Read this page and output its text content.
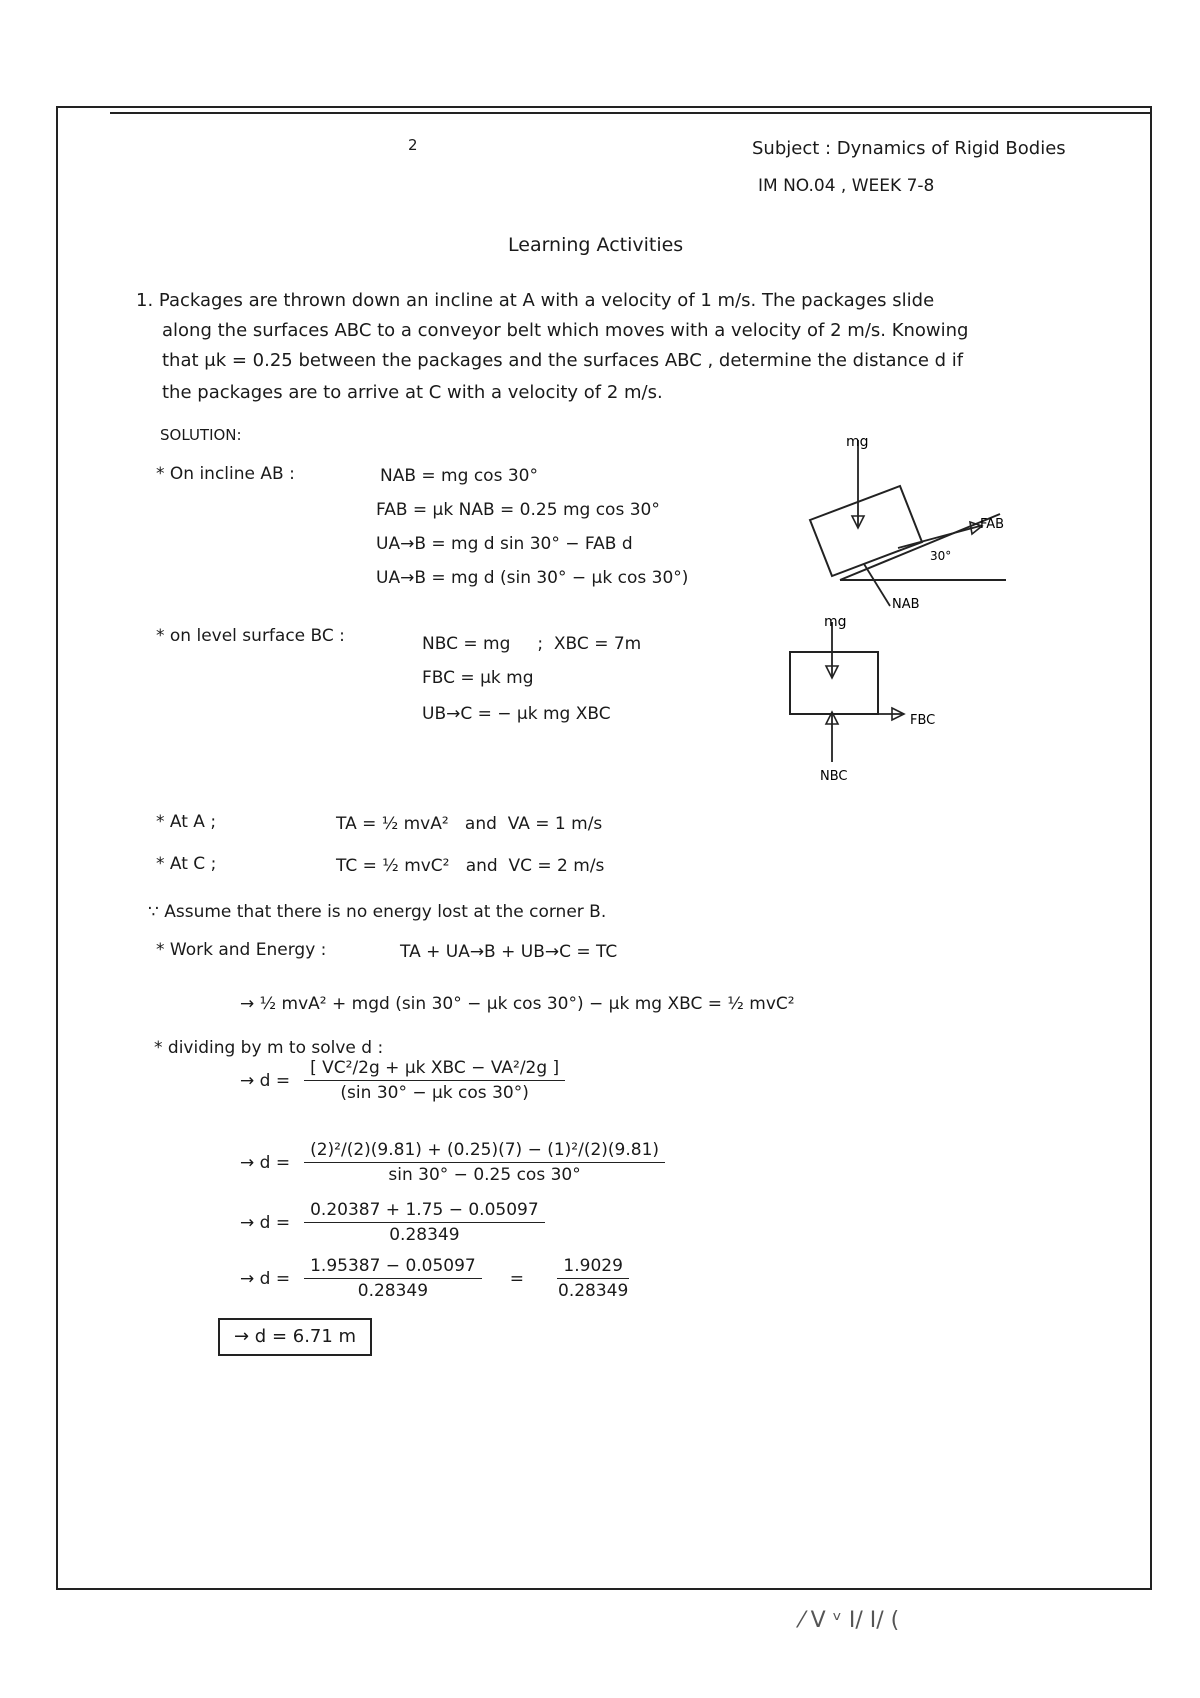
2	Subject : Dynamics of Rigid Bodies
IM NO.04 , WEEK 7-8
Learning Activities
1. Packages are thrown down an incline at A with a velocity of 1 m/s. The packages slide
along the surfaces ABC to a conveyor belt which moves with a velocity of 2 m/s. Knowing
that μk = 0.25 between the packages and the surfaces ABC , determine the distance d if
the packages are to arrive at C with a velocity of 2 m/s.
SOLUTION:
* On incline AB :	NAB = mg cos 30°
FAB = μk NAB = 0.25 mg cos 30°
UA→B = mg d sin 30° − FAB d
UA→B = mg d (sin 30° − μk cos 30°)
* on level surface BC :	NBC = mg     ;  XBC = 7m
FBC = μk mg
UB→C = − μk mg XBC
mg
FAB
NAB
30°
mg
FBC
NBC
* At A ;	TA = ½ mvA²   and  VA = 1 m/s
* At C ;	TC = ½ mvC²   and  VC = 2 m/s
∵ Assume that there is no energy lost at the corner B.
* Work and Energy :	TA + UA→B + UB→C = TC
→ ½ mvA² + mgd (sin 30° − μk cos 30°) − μk mg XBC = ½ mvC²
* dividing by m to solve d :
→ $d = \frac{\text{[ VC²/2g + μk XBC − VA²/2g ]}}{\text{(sin 30° − μk cos 30°)}}$
→ $d = \frac{\text{(2)²/(2)(9.81) + (0.25)(7) − (1)²/(2)(9.81)}}{\sin 30^\circ - 0.25 \cos 30^\circ}$
→ $d = \frac{0.20387 + 1.75 - 0.05097}{0.28349}$
→ $d = \frac{1.95387 - 0.05097}{0.28349} = \frac{1.9029}{0.28349}$
→ d = 6.71 m
⁄ V ᵛ I/ I/ (
